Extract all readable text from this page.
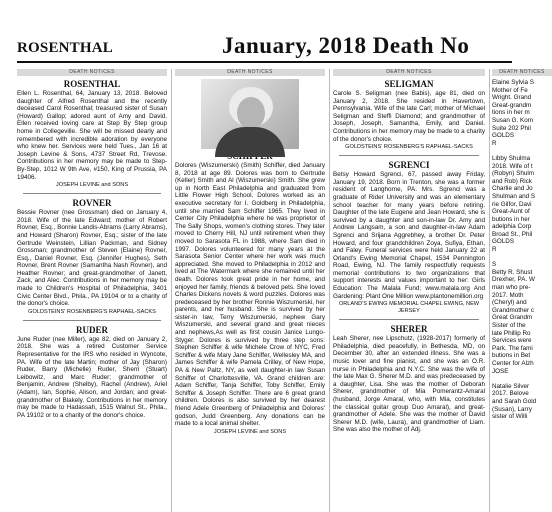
ROSENTHAL	January, 2018 Death No
DEATH NOTICES
ROSENTHAL

Ellen L. Rosenthal, 64, January 13, 2018. Beloved daughter of Alfred Rosenthal and the recently deceased Carol Rosenthal; treasured sister of Susan (Howard) Gallop; adored aunt of Amy and David. Ellen received loving care at Step By Step group home in Collegeville. She will be missed dearly and remembered with incredible adoration by everyone who knew her. Services were held Tues., Jan 16 at Joseph Levine & Sons, 4737 Street Rd, Trevose. Contributions in her memory may be made to Step-By-Step, 1012 W 9th Ave, #150, King of Prussia, PA 19406.

JOSEPH LEVINE and SONS
ROVNER

Bessie Rovner (nee Grossman) died on January 4, 2018. Wife of the late Edward; mother of Robert Rovner, Esq., Bonnie Landis-Abrams (Larry Abrams), and Howard (Sharon) Rovner, Esq.; sister of the late Gertrude Weinstein, Lillian Packman, and Sidney Grossman; grandmother of Steven (Elaine) Rovner, Esq., Daniel Rovner, Esq. (Jennifer Hughes), Seth Rovner, Brent Rovner (Samantha Nash Rovner), and Heather Rovner; and great-grandmother of Janett, Zack, and Alec. Contributions in her memory may be made to Children's Hospital of Philadelphia, 3401 Civic Center Blvd., Phila., PA 19104 or to a charity of the donor's choice.

GOLDSTEINS' ROSENBERG'S RAPHAEL-SACKS
RUDER

June Ruder (nee Miller), age 82, died on January 2, 2018. She was a retired Customer Service Representative for the IRS who resided in Wyncote, PA. Wife of the late Martin; mother of Jay (Sharon) Ruder, Barry (Michelle) Ruder, Sherri (Stuart) Leibowitz, and Marc Ruder; grandmother of Benjamin, Andrew (Shelby), Rachel (Andrew), Ariel (Adam), Ian, Sophie, Alison, and Jordan; and great-grandmother of Blakely. Contributions in her memory may be made to Hadassah, 1515 Walnut St., Phila., PA 19102 or to a charity of the donor's choice.

DEATH NOTICES

Dolores (Wiszumerski) (Smith) Schiffer, died January 8, 2018 at age 89. Dolores was born to Gertrude (Keller) Smith and Al (Wiszumerski) Smith. She grew up in North East Philadelphia and graduated from Little Flower High School. Dolores worked as an executive secretary for I. Goldberg in Philadelphia, until she married Sam Schiffer 1965. They lived in Center City Philadelphia where he was proprietor of The Sally Shops, women's clothing stores. They later moved to Cherry Hill, NJ until retirement when they moved to Sarasota FL in 1988, where Sam died in 1997. Dolores volunteered for many years at the Sarasota Senior Center where her work was much appreciated. She moved to Philadelphia in 2012 and lived at The Watermark where she remained until her death. Dolores took great pride in her home, and enjoyed her family, friends & beloved pets. She loved Charles Dickens novels & word puzzles. Dolores was predeceased by her brother Ronnie Wiszumerski, her parents, and her husband. She is survived by her sister-in law, Terry Wiszumerski, nephew Gary Wiszumerski, and several grand and great nieces and nephews,As well as first cousin Janice Lungo-Styger. Dolores is survived by three step sons: Stephen Schiffer & wife Michele Crow of NYC, Fred Schiffer & wife Mary Jane Schiffer, Wellesley MA, and James Schiffer & wife Pamela Crilley, of New Hope, PA & New Paltz, NY, as well daughter-in law Susan Schiffer of Charlottesville, VA. Grand children are: Adam Schiffer, Tanja Schiffer, Toby Schiffer, Emily Schiffer & Joseph Schiffer. There are 6 great grand children. Dolores is also survived by her dearest friend Adele Greenberg of Philadelphia and Dolores' godson, Judd Greenberg. Any donations can be made to a local animal shelter.

JOSEPH LEVINE and SONS
DEATH NOTICES
SELIGMAN

Carole S. Seligman (nee Babis), age 81, died on January 2, 2018. She resided in Havertown, Pennsylvania. Wife of the late Carl; mother of Michael Seligman and Steffi Diamond; and grandmother of Joseph, Joseph, Samantha, Emily, and Daniel. Contributions in her memory may be made to a charity of the donor's choice.

GOLDSTEINS' ROSENBERG'S RAPHAEL-SACKS
SGRENCI

Betsy Howard Sgrenci, 67, passed away Friday, January 19, 2018. Born in Trenton, she was a former resident of Langhorne, PA. Mrs. Sgrenci was a graduate of Rider University and was an elementary school teacher for many years before retiring. Daughter of the late Eugene and Jean Howard, she is survived by a daughter and son-in-law Dr. Amy and Andrew Langsam, a son and daughter-in-law Adam Sgrenci and Srijana Aggrebhey, a brother Dr. Peter Howard, and four grandchildren Zoya, Sufiya, Ethan, and Faley. Funeral services were held January 22 at Orland's Ewing Memorial Chapel, 1534 Pennington Road, Ewing, NJ. The family respectfully requests memorial contributions to two organizations that support interests and values important to her: Girls Education: The Malala Fund; www.malala.org And Gardening: Plant One Million www.plantonemillion.org

ORLAND'S EWING MEMORIAL CHAPEL EWING, NEW JERSEY
SHERER

Leah Sherer, nee Lipschutz, (1928-2017) formerly of Philadelphia, died peacefully, in Bethesda, MD, on December 30, after an extended illness. She was a music lover and fine pianist, and she was an O.R. nurse in Philadelphia and N.Y.C. She was the wife of the late Max G. Sherer M.D. and was predeceased by a daughter, Lisa. She was the mother of Deborah Sherer, grandmother of Mia Pomerantz-Amaral (husband, Jorge Amaral, who, with Mia, constitutes the classical guitar group Duo Amaral), and great-grandmother of Adele. She was the mother of David Sherer M.D. (wife, Laura), and grandmother of Liam. She was also the mother of Adj.

DEATH NOTICES
Elaine Sylvia S
Mother of Fe
Wright. Grand
Great-grandm
tions in her m
Susan G. Kom
Suite 202 Phil
GOLDS
R
Libby Shulma
2018. Wife of t
(Robyn) Shulm
and Rob) Rick
Charlie and Jo
Shulman and S
rie Gilfor, Davi
Great-Aunt of
butions in her
adelphia Corp
Broad St., Phil
GOLDS
R
S
Betty R. Shust
Drexher, PA. W
man who pre-
2017. Moth
(Cheryl) and
Grandmother c
Great Grandm
Sister of the
late Phillip Ro
Services were
Park. The fami
butions in Bet
Center for Alzh
JOSE
Natalie Silver
2017. Belove
and Sarah Gold
(Susan), Larry
sister of Willi
